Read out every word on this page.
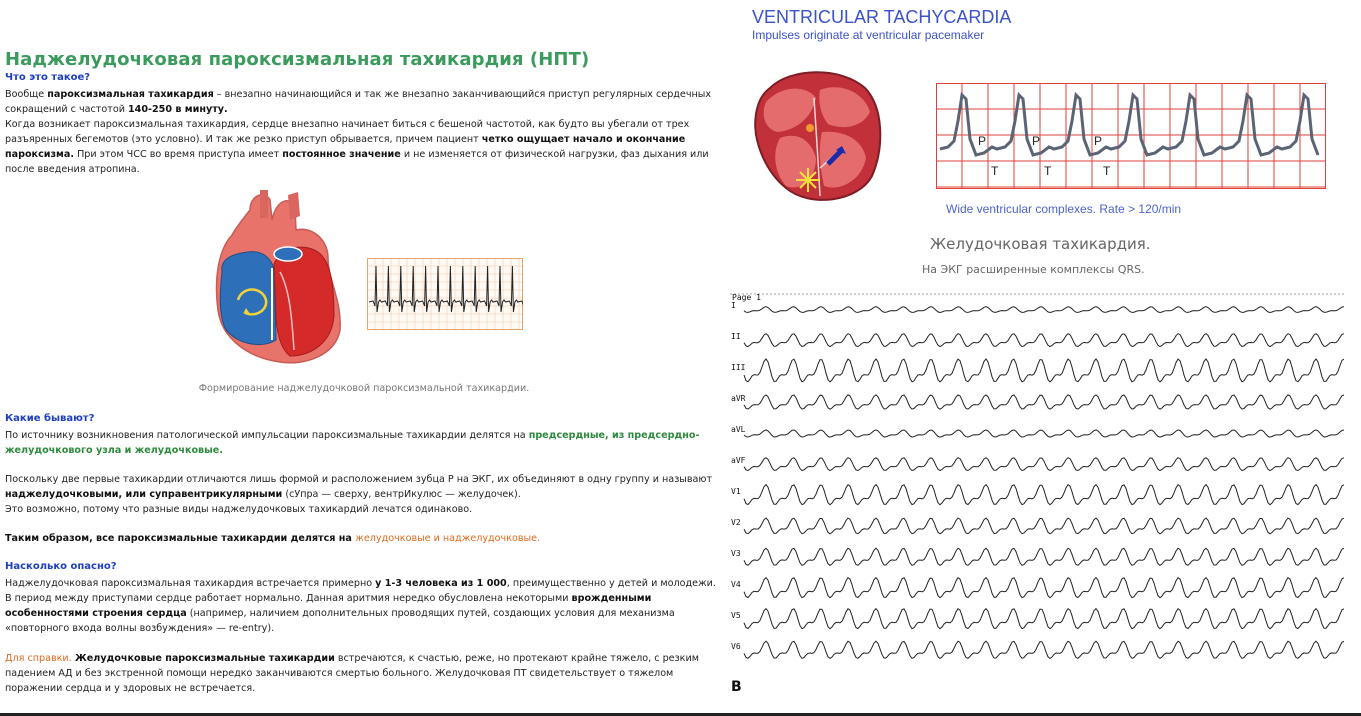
Наджелудочковая пароксизмальная тахикардия (НПТ)
Что это такое?
Вообще пароксизмальная тахикардия – внезапно начинающийся и так же внезапно заканчивающийся приступ регулярных сердечных сокращений с частотой 140-250 в минуту.
Когда возникает пароксизмальная тахикардия, сердце внезапно начинает биться с бешеной частотой, как будто вы убегали от трех разъяренных бегемотов (это условно). И так же резко приступ обрывается, причем пациент четко ощущает начало и окончание пароксизма. При этом ЧСС во время приступа имеет постоянное значение и не изменяется от физической нагрузки, фаз дыхания или после введения атропина.
Формирование наджелудочковой пароксизмальной тахикардии.
Какие бывают?
По источнику возникновения патологической импульсации пароксизмальные тахикардии делятся на предсердные, из предсердно-желудочкового узла и желудочковые.
Поскольку две первые тахикардии отличаются лишь формой и расположением зубца P на ЭКГ, их объединяют в одну группу и называют наджелудочковыми, или суправентрикулярными (сУпра — сверху, вентрИкулюс — желудочек).
Это возможно, потому что разные виды наджелудочковых тахикардий лечатся одинаково.
Таким образом, все пароксизмальные тахикардии делятся на желудочковые и наджелудочковые.
Насколько опасно?
Наджелудочковая пароксизмальная тахикардия встречается примерно у 1-3 человека из 1 000, преимущественно у детей и молодежи. В период между приступами сердце работает нормально. Данная аритмия нередко обусловлена некоторыми врожденными особенностями строения сердца (например, наличием дополнительных проводящих путей, создающих условия для механизма «повторного входа волны возбуждения» — re-entry).
Для справки. Желудочковые пароксизмальные тахикардии встречаются, к счастью, реже, но протекают крайне тяжело, с резким падением АД и без экстренной помощи нередко заканчиваются смертью больного. Желудочковая ПТ свидетельствует о тяжелом поражении сердца и у здоровых не встречается.
VENTRICULAR TACHYCARDIA
Impulses originate at ventricular pacemaker
P	P	P
T	T	T
Wide ventricular complexes. Rate > 120/min
Желудочковая тахикардия.
На ЭКГ расширенные комплексы QRS.
Page 1
I
II
III
aVR
aVL
aVF
V1
V2
V3
V4
V5
V6
B
